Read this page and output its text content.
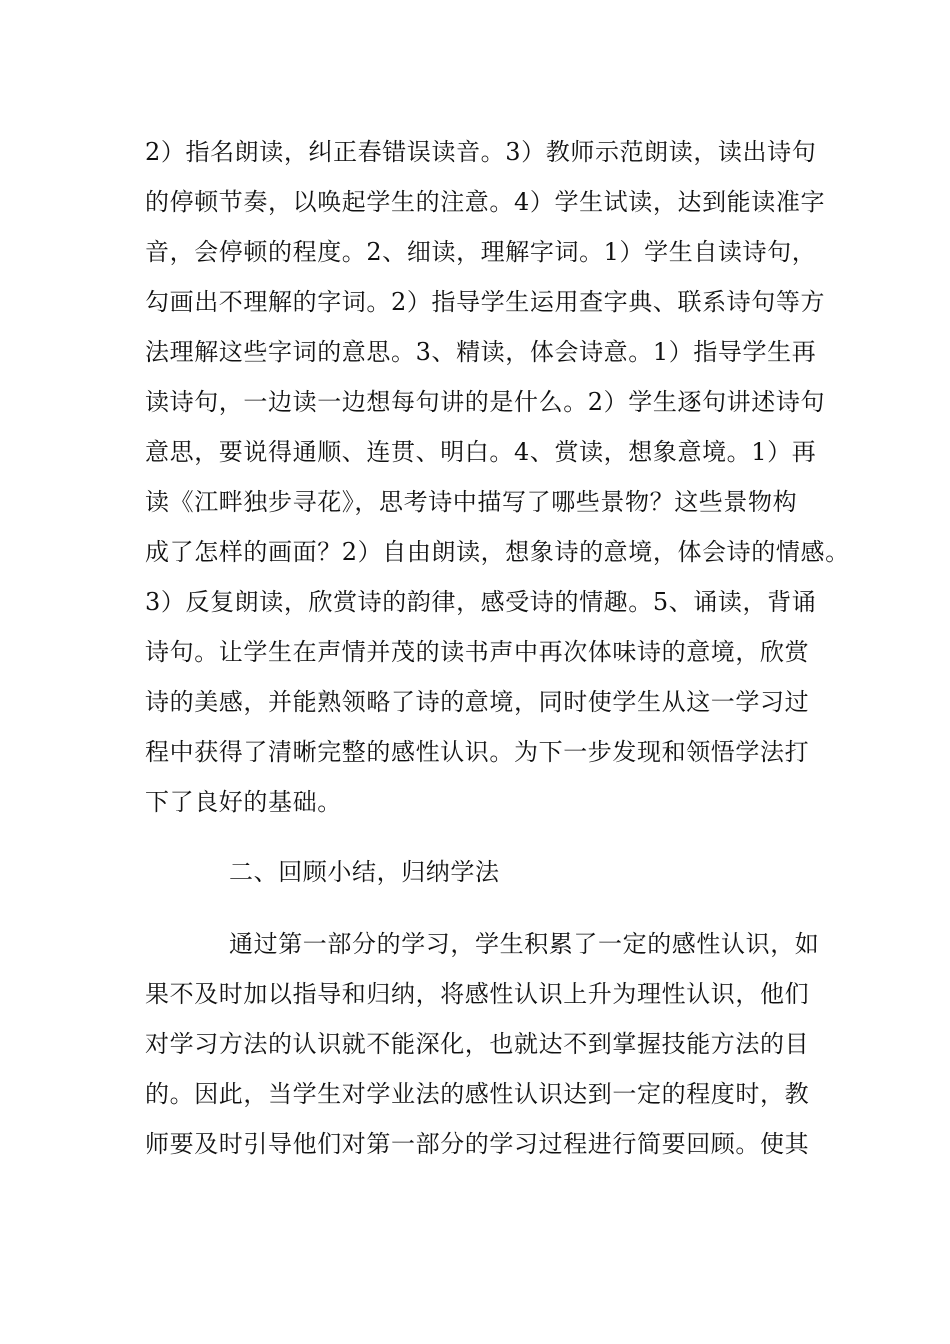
2）指名朗读，纠正春错误读音。3）教师示范朗读，读出诗句
的停顿节奏，以唤起学生的注意。4）学生试读，达到能读准字
音，会停顿的程度。2、细读，理解字词。1）学生自读诗句，
勾画出不理解的字词。2）指导学生运用查字典、联系诗句等方
法理解这些字词的意思。3、精读，体会诗意。1）指导学生再
读诗句，一边读一边想每句讲的是什么。2）学生逐句讲述诗句
意思，要说得通顺、连贯、明白。4、赏读，想象意境。1）再
读《江畔独步寻花》，思考诗中描写了哪些景物？这些景物构
成了怎样的画面？2）自由朗读，想象诗的意境，体会诗的情感。
3）反复朗读，欣赏诗的韵律，感受诗的情趣。5、诵读，背诵
诗句。让学生在声情并茂的读书声中再次体味诗的意境，欣赏
诗的美感，并能熟领略了诗的意境，同时使学生从这一学习过
程中获得了清晰完整的感性认识。为下一步发现和领悟学法打
下了良好的基础。
二、回顾小结，归纳学法
通过第一部分的学习，学生积累了一定的感性认识，如
果不及时加以指导和归纳，将感性认识上升为理性认识，他们
对学习方法的认识就不能深化，也就达不到掌握技能方法的目
的。因此，当学生对学业法的感性认识达到一定的程度时，教
师要及时引导他们对第一部分的学习过程进行简要回顾。使其
